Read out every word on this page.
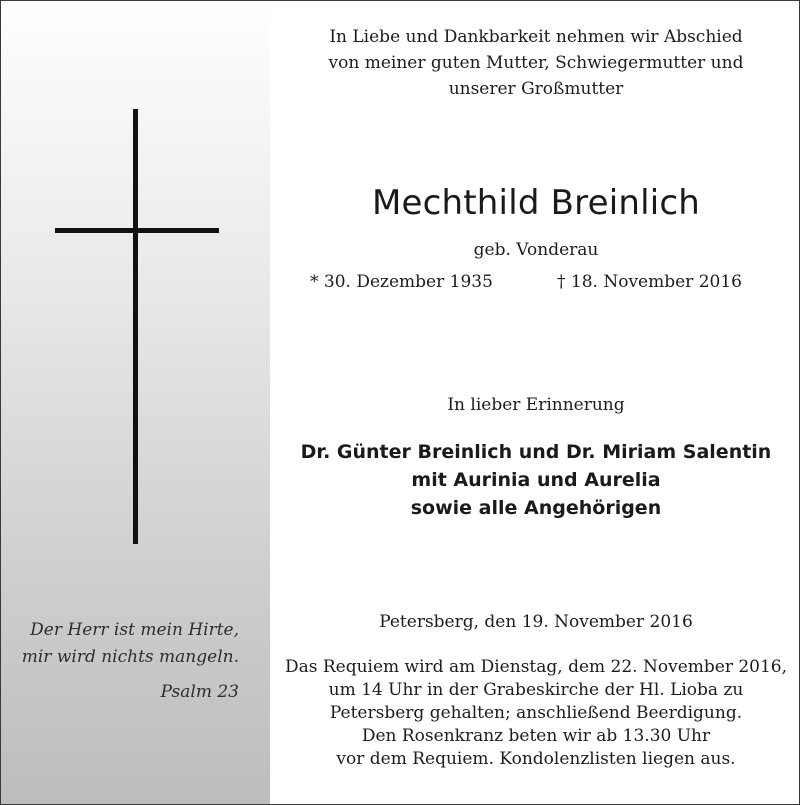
Der Herr ist mein Hirte,

mir wird nichts mangeln.

Psalm 23

In Liebe und Dankbarkeit nehmen wir Abschied
von meiner guten Mutter, Schwiegermutter und
unserer Großmutter
Mechthild Breinlich

geb. Vonderau

* 30. Dezember 1935	† 18. November 2016

In lieber Erinnerung

Dr. Günter Breinlich und Dr. Miriam Salentin
mit Aurinia und Aurelia
sowie alle Angehörigen

Petersberg, den 19. November 2016

Das Requiem wird am Dienstag, dem 22. November 2016,
um 14 Uhr in der Grabeskirche der Hl. Lioba zu
Petersberg gehalten; anschließend Beerdigung.
Den Rosenkranz beten wir ab 13.30 Uhr
vor dem Requiem. Kondolenzlisten liegen aus.
